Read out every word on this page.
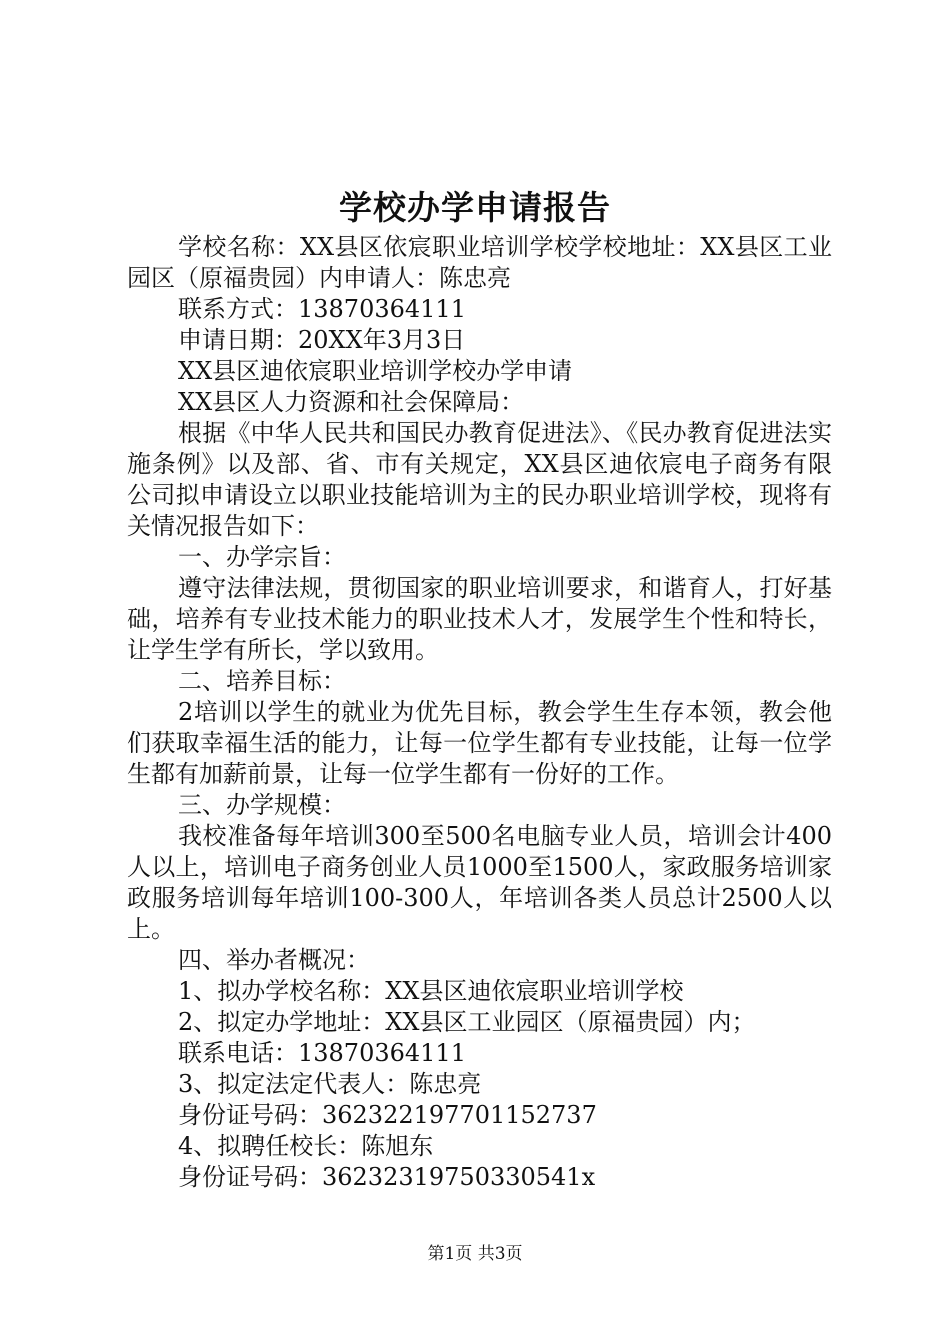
学校办学申请报告

学校名称：XX县区依宸职业培训学校学校地址：XX县区工业园区（原福贵园）内申请人：陈忠亮

联系方式：13870364111

申请日期：20XX年3月3日

XX县区迪依宸职业培训学校办学申请

XX县区人力资源和社会保障局：

根据《中华人民共和国民办教育促进法》、《民办教育促进法实施条例》以及部、省、市有关规定，XX县区迪依宸电子商务有限公司拟申请设立以职业技能培训为主的民办职业培训学校，现将有关情况报告如下：

一、办学宗旨：

遵守法律法规，贯彻国家的职业培训要求，和谐育人，打好基础，培养有专业技术能力的职业技术人才，发展学生个性和特长，让学生学有所长，学以致用。

二、培养目标：

2培训以学生的就业为优先目标，教会学生生存本领，教会他们获取幸福生活的能力，让每一位学生都有专业技能，让每一位学生都有加薪前景，让每一位学生都有一份好的工作。

三、办学规模：

我校准备每年培训300至500名电脑专业人员，培训会计400人以上，培训电子商务创业人员1000至1500人，家政服务培训家政服务培训每年培训100-300人，年培训各类人员总计2500人以上。

四、举办者概况：

1、拟办学校名称：XX县区迪依宸职业培训学校

2、拟定办学地址：XX县区工业园区（原福贵园）内；

联系电话：13870364111

3、拟定法定代表人：陈忠亮

身份证号码：362322197701152737

4、拟聘任校长：陈旭东

身份证号码：36232319750330541x

第1页 共3页
